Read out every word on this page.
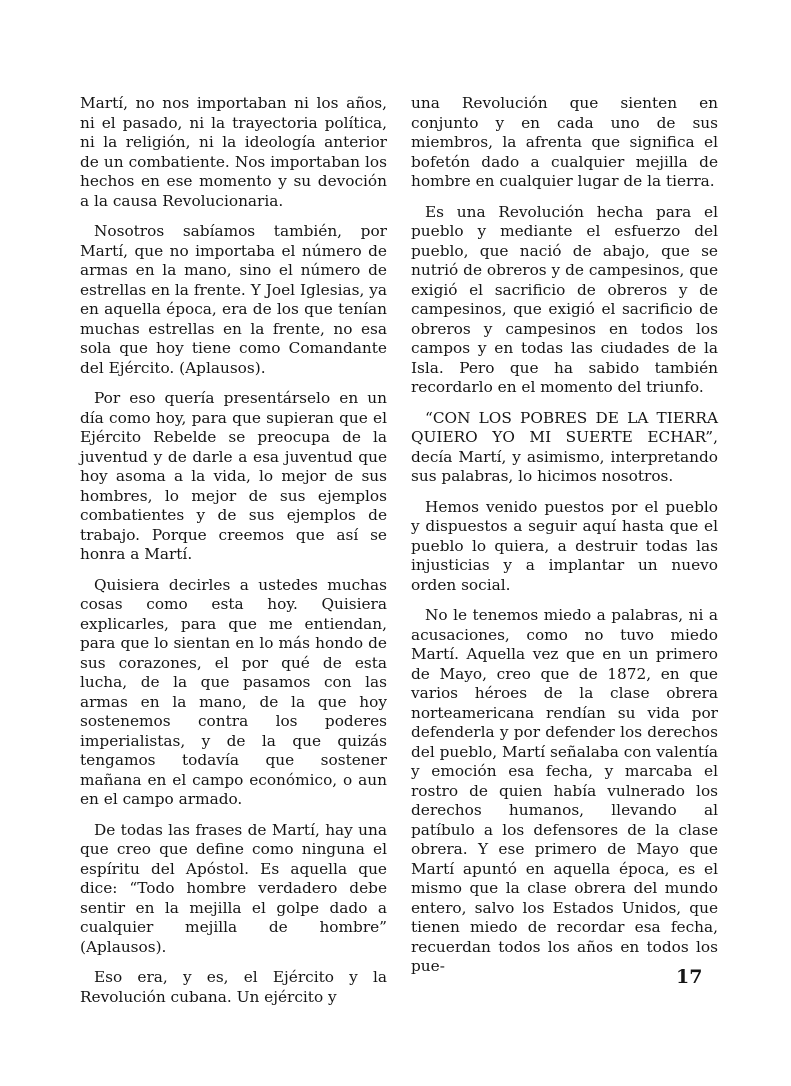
Martí, no nos importaban ni los años, ni el pasado, ni la trayectoria política, ni la religión, ni la ideología anterior de un combatiente. Nos importaban los hechos en ese momento y su devoción a la causa Revolucionaria.

Nosotros sabíamos también, por Martí, que no importaba el número de armas en la mano, sino el número de estrellas en la frente. Y Joel Iglesias, ya en aquella época, era de los que tenían muchas estrellas en la frente, no esa sola que hoy tiene como Comandante del Ejército. (Aplausos).

Por eso quería presentárselo en un día como hoy, para que supieran que el Ejército Rebelde se preocupa de la juventud y de darle a esa juventud que hoy asoma a la vida, lo mejor de sus hombres, lo mejor de sus ejemplos combatientes y de sus ejemplos de trabajo. Porque creemos que así se honra a Martí.

Quisiera decirles a ustedes muchas cosas como esta hoy. Quisiera explicarles, para que me entiendan, para que lo sientan en lo más hondo de sus corazones, el por qué de esta lucha, de la que pasamos con las armas en la mano, de la que hoy sostenemos contra los poderes imperialistas, y de la que quizás tengamos todavía que sostener mañana en el campo económico, o aun en el campo armado.

De todas las frases de Martí, hay una que creo que define como ninguna el espíritu del Apóstol. Es aquella que dice: “Todo hombre verdadero debe sentir en la mejilla el golpe dado a cualquier mejilla de hombre” (Aplausos).

Eso era, y es, el Ejército y la Revolución cubana. Un ejército y

una Revolución que sienten en conjunto y en cada uno de sus miembros, la afrenta que significa el bofetón dado a cualquier mejilla de hombre en cualquier lugar de la tierra.

Es una Revolución hecha para el pueblo y mediante el esfuerzo del pueblo, que nació de abajo, que se nutrió de obreros y de campesinos, que exigió el sacrificio de obreros y de campesinos, que exigió el sacrificio de obreros y campesinos en todos los campos y en todas las ciudades de la Isla. Pero que ha sabido también recordarlo en el momento del triunfo.

“CON LOS POBRES DE LA TIERRA QUIERO YO MI SUERTE ECHAR”, decía Martí, y asimismo, interpretando sus palabras, lo hicimos nosotros.

Hemos venido puestos por el pueblo y dispuestos a seguir aquí hasta que el pueblo lo quiera, a destruir todas las injusticias y a implantar un nuevo orden social.

No le tenemos miedo a palabras, ni a acusaciones, como no tuvo miedo Martí. Aquella vez que en un primero de Mayo, creo que de 1872, en que varios héroes de la clase obrera norteamericana rendían su vida por defenderla y por defender los derechos del pueblo, Martí señalaba con valentía y emoción esa fecha, y marcaba el rostro de quien había vulnerado los derechos humanos, llevando al patíbulo a los defensores de la clase obrera. Y ese primero de Mayo que Martí apuntó en aquella época, es el mismo que la clase obrera del mundo entero, salvo los Estados Unidos, que tienen miedo de recordar esa fecha, recuerdan todos los años en todos los pue-	17
